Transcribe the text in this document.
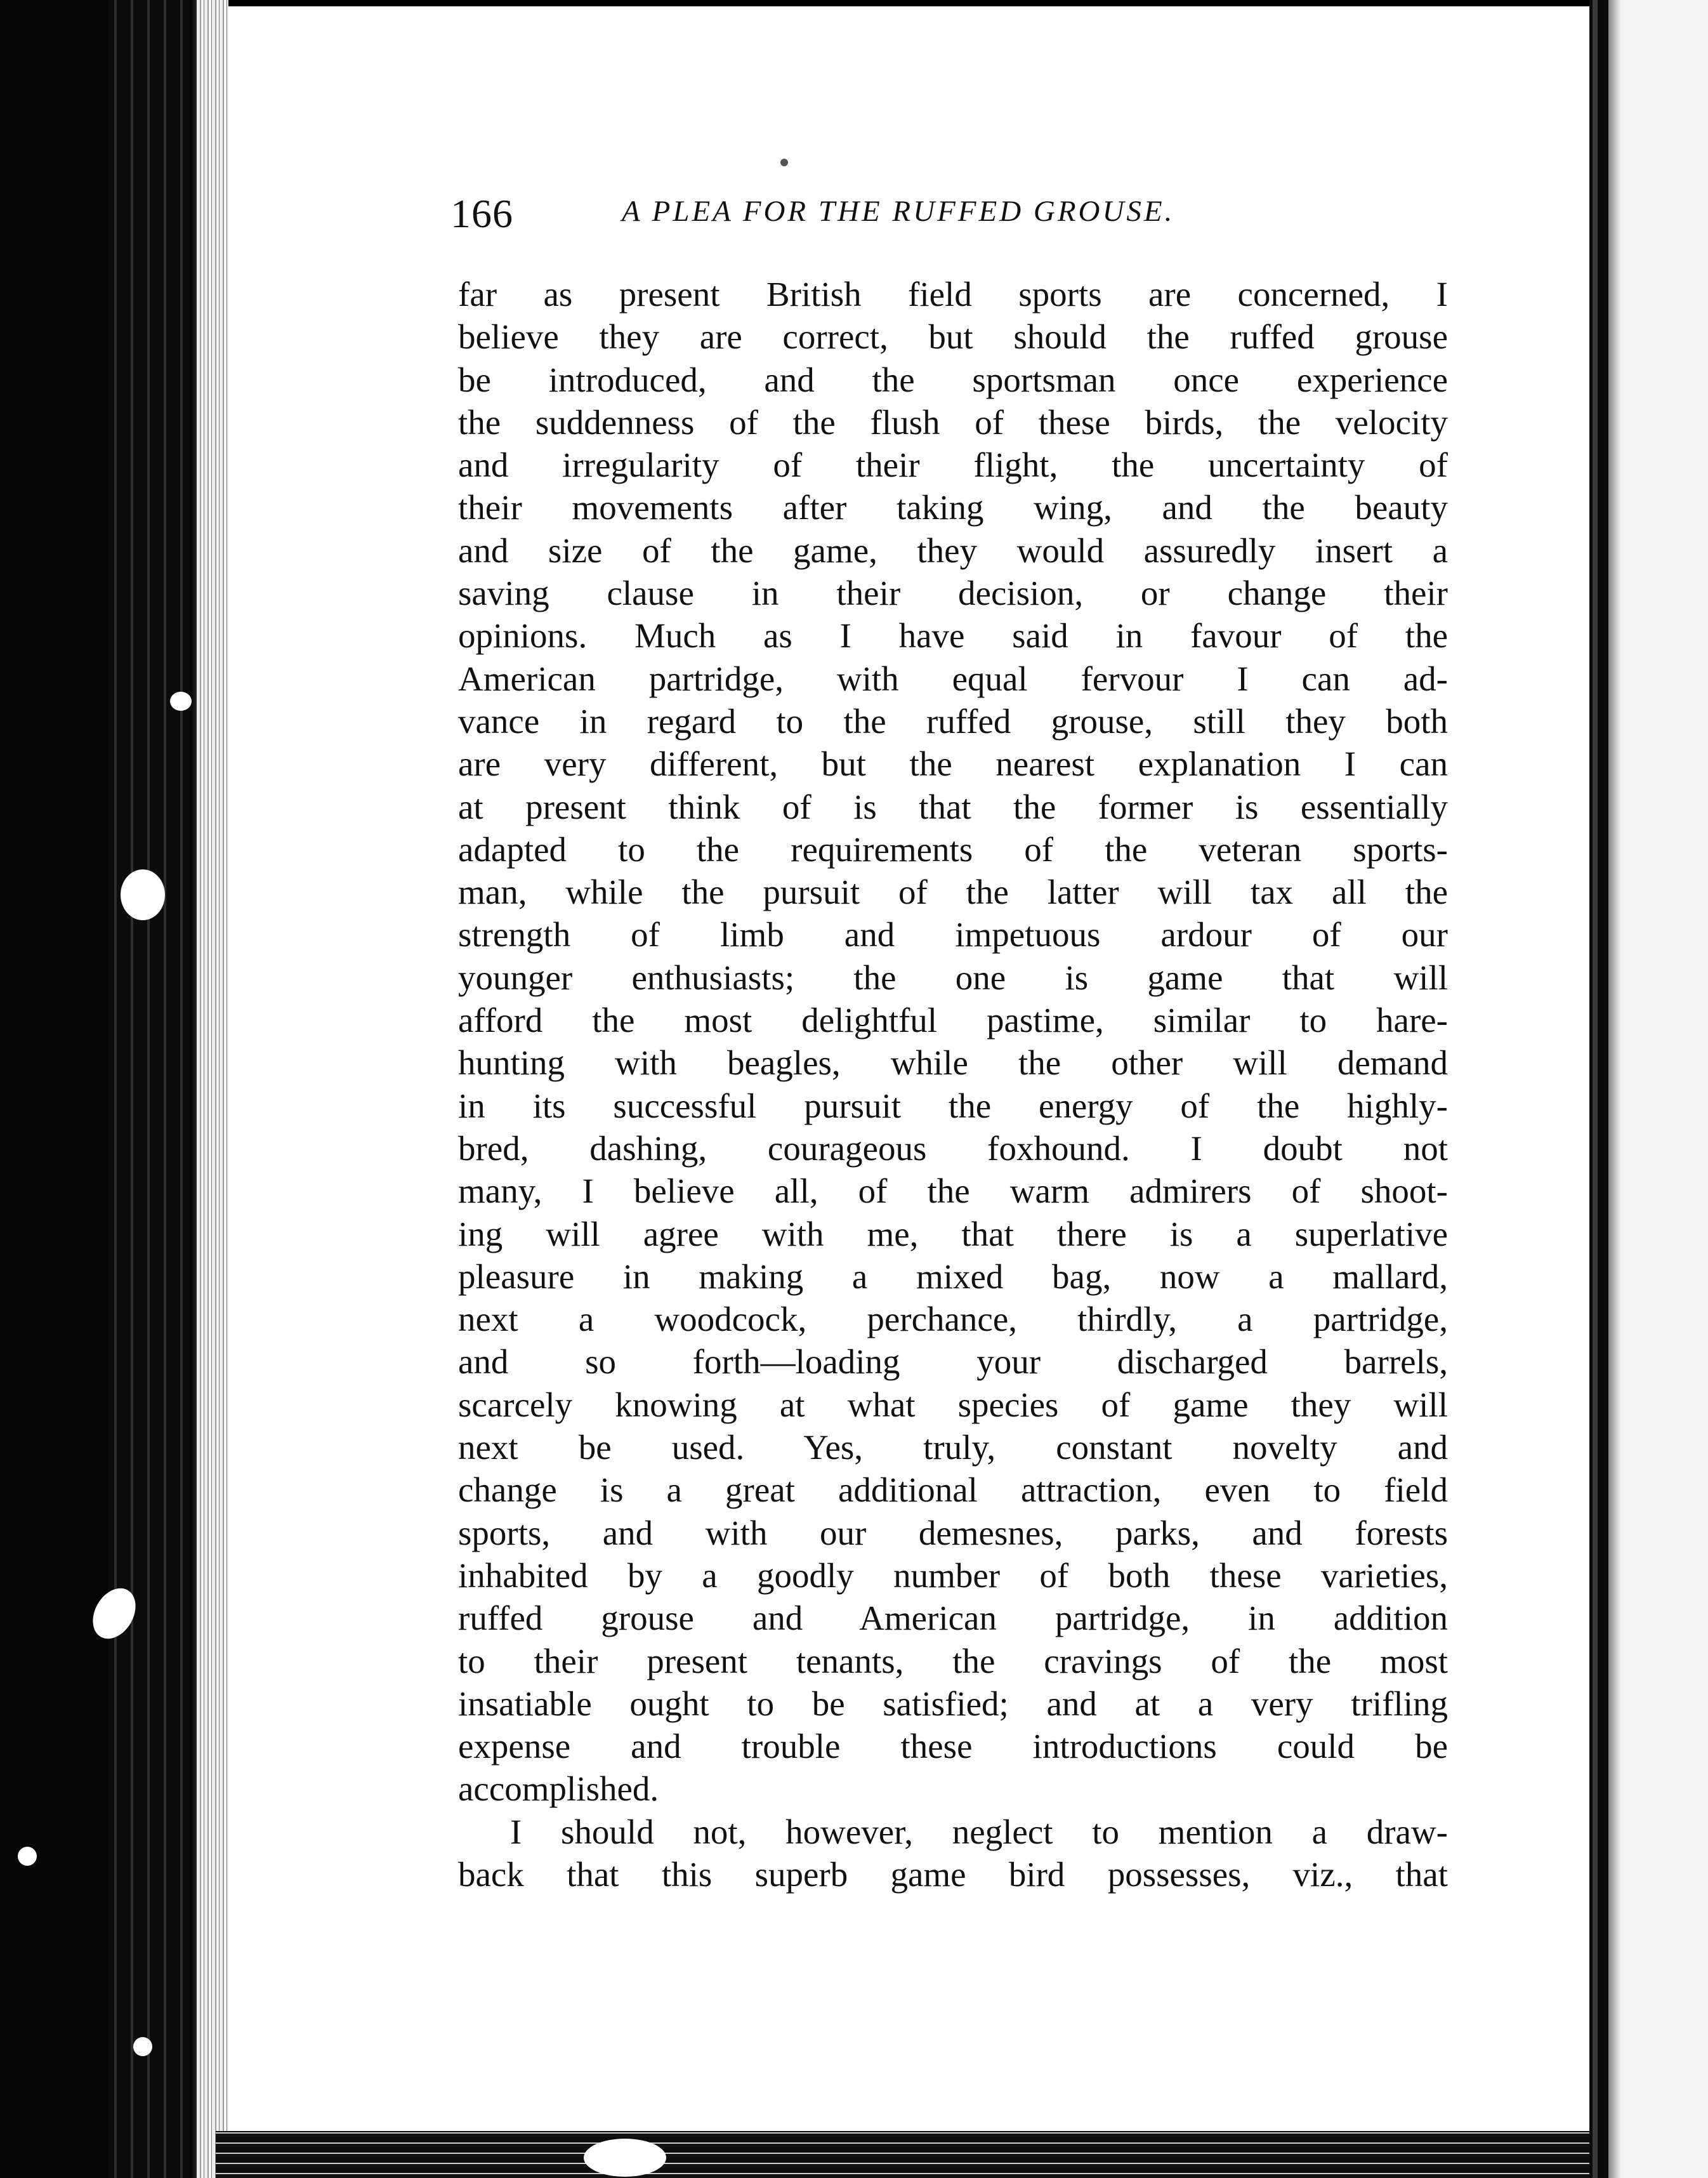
166	A PLEA FOR THE RUFFED GROUSE.
far as present British field sports are concerned, I
believe they are correct, but should the ruffed grouse
be introduced, and the sportsman once experience
the suddenness of the flush of these birds, the velocity
and irregularity of their flight, the uncertainty of
their movements after taking wing, and the beauty
and size of the game, they would assuredly insert a
saving clause in their decision, or change their
opinions. Much as I have said in favour of the
American partridge, with equal fervour I can ad-
vance in regard to the ruffed grouse, still they both
are very different, but the nearest explanation I can
at present think of is that the former is essentially
adapted to the requirements of the veteran sports-
man, while the pursuit of the latter will tax all the
strength of limb and impetuous ardour of our
younger enthusiasts; the one is game that will
afford the most delightful pastime, similar to hare-
hunting with beagles, while the other will demand
in its successful pursuit the energy of the highly-
bred, dashing, courageous foxhound. I doubt not
many, I believe all, of the warm admirers of shoot-
ing will agree with me, that there is a superlative
pleasure in making a mixed bag, now a mallard,
next a woodcock, perchance, thirdly, a partridge,
and so forth—loading your discharged barrels,
scarcely knowing at what species of game they will
next be used. Yes, truly, constant novelty and
change is a great additional attraction, even to field
sports, and with our demesnes, parks, and forests
inhabited by a goodly number of both these varieties,
ruffed grouse and American partridge, in addition
to their present tenants, the cravings of the most
insatiable ought to be satisfied; and at a very trifling
expense and trouble these introductions could be
accomplished.
I should not, however, neglect to mention a draw-
back that this superb game bird possesses, viz., that
